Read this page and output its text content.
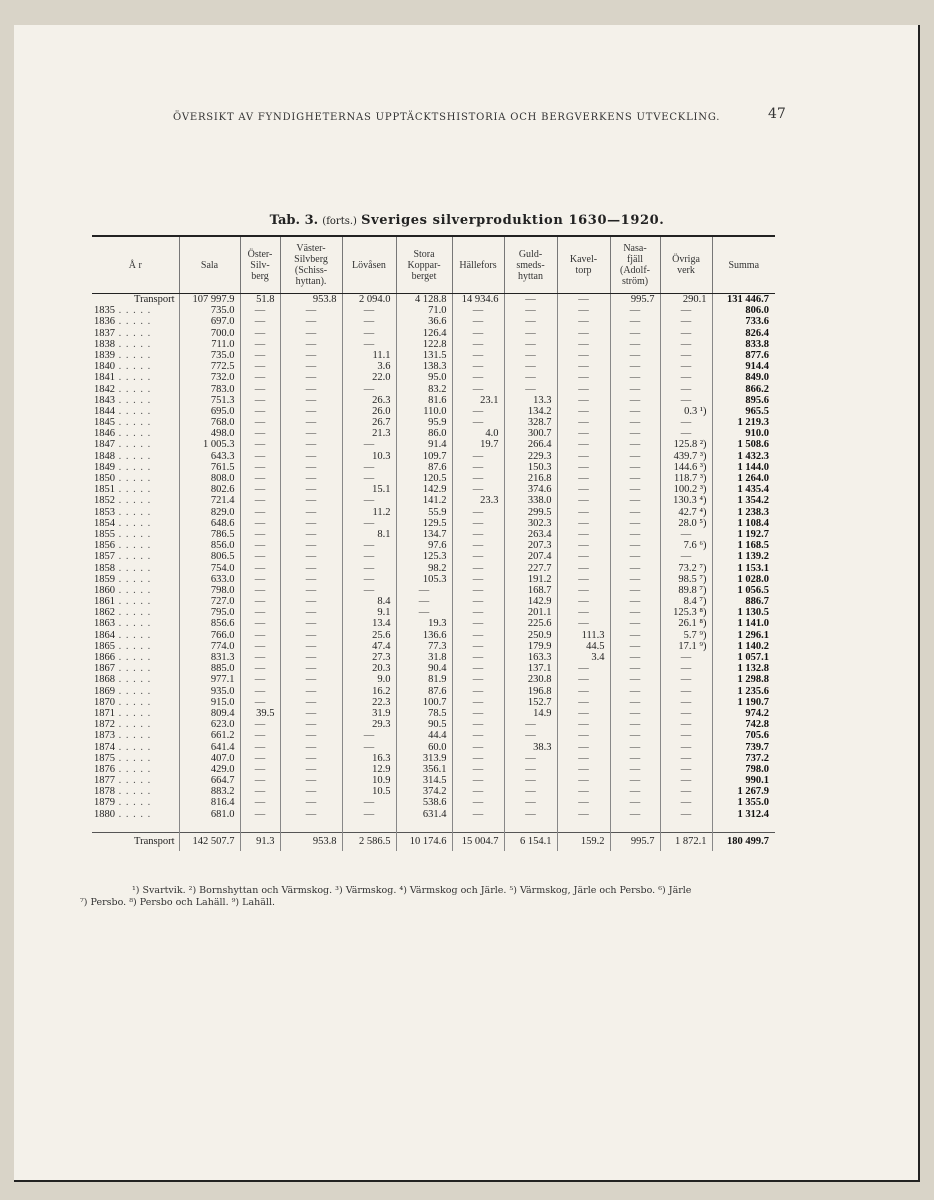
ÖVERSIKT AV FYNDIGHETERNAS UPPTÄCKTSHISTORIA OCH BERGVERKENS UTVECKLING.	47
Tab. 3. (forts.) Sveriges silverproduktion 1630—1920.
Å r	Sala	Öster-
Silv-
berg	Väster-
Silvberg
(Schiss-
hyttan).	Lövåsen	Stora
Koppar-
berget	Hällefors	Guld-
smeds-
hyttan	Kavel-
torp	Nasa-
fjäll
(Adolf-
ström)	Övriga
verk	Summa
Transport	107 997.9	51.8	953.8	2 094.0	4 128.8	14 934.6	—	—	995.7	290.1	131 446.7
1835 . . . . .	735.0	—	—	—	71.0	—	—	—	—	—	806.0
1836 . . . . .	697.0	—	—	—	36.6	—	—	—	—	—	733.6
1837 . . . . .	700.0	—	—	—	126.4	—	—	—	—	—	826.4
1838 . . . . .	711.0	—	—	—	122.8	—	—	—	—	—	833.8
1839 . . . . .	735.0	—	—	11.1	131.5	—	—	—	—	—	877.6
1840 . . . . .	772.5	—	—	3.6	138.3	—	—	—	—	—	914.4
1841 . . . . .	732.0	—	—	22.0	95.0	—	—	—	—	—	849.0
1842 . . . . .	783.0	—	—	—	83.2	—	—	—	—	—	866.2
1843 . . . . .	751.3	—	—	26.3	81.6	23.1	13.3	—	—	—	895.6
1844 . . . . .	695.0	—	—	26.0	110.0	—	134.2	—	—	0.3 ¹)	965.5
1845 . . . . .	768.0	—	—	26.7	95.9	—	328.7	—	—	—	1 219.3
1846 . . . . .	498.0	—	—	21.3	86.0	4.0	300.7	—	—	—	910.0
1847 . . . . .	1 005.3	—	—	—	91.4	19.7	266.4	—	—	125.8 ²)	1 508.6
1848 . . . . .	643.3	—	—	10.3	109.7	—	229.3	—	—	439.7 ³)	1 432.3
1849 . . . . .	761.5	—	—	—	87.6	—	150.3	—	—	144.6 ³)	1 144.0
1850 . . . . .	808.0	—	—	—	120.5	—	216.8	—	—	118.7 ³)	1 264.0
1851 . . . . .	802.6	—	—	15.1	142.9	—	374.6	—	—	100.2 ³)	1 435.4
1852 . . . . .	721.4	—	—	—	141.2	23.3	338.0	—	—	130.3 ⁴)	1 354.2
1853 . . . . .	829.0	—	—	11.2	55.9	—	299.5	—	—	42.7 ⁴)	1 238.3
1854 . . . . .	648.6	—	—	—	129.5	—	302.3	—	—	28.0 ⁵)	1 108.4
1855 . . . . .	786.5	—	—	8.1	134.7	—	263.4	—	—	—	1 192.7
1856 . . . . .	856.0	—	—	—	97.6	—	207.3	—	—	7.6 ⁶)	1 168.5
1857 . . . . .	806.5	—	—	—	125.3	—	207.4	—	—	—	1 139.2
1858 . . . . .	754.0	—	—	—	98.2	—	227.7	—	—	73.2 ⁷)	1 153.1
1859 . . . . .	633.0	—	—	—	105.3	—	191.2	—	—	98.5 ⁷)	1 028.0
1860 . . . . .	798.0	—	—	—	—	—	168.7	—	—	89.8 ⁷)	1 056.5
1861 . . . . .	727.0	—	—	8.4	—	—	142.9	—	—	8.4 ⁷)	886.7
1862 . . . . .	795.0	—	—	9.1	—	—	201.1	—	—	125.3 ⁸)	1 130.5
1863 . . . . .	856.6	—	—	13.4	19.3	—	225.6	—	—	26.1 ⁸)	1 141.0
1864 . . . . .	766.0	—	—	25.6	136.6	—	250.9	111.3	—	5.7 ⁹)	1 296.1
1865 . . . . .	774.0	—	—	47.4	77.3	—	179.9	44.5	—	17.1 ⁹)	1 140.2
1866 . . . . .	831.3	—	—	27.3	31.8	—	163.3	3.4	—	—	1 057.1
1867 . . . . .	885.0	—	—	20.3	90.4	—	137.1	—	—	—	1 132.8
1868 . . . . .	977.1	—	—	9.0	81.9	—	230.8	—	—	—	1 298.8
1869 . . . . .	935.0	—	—	16.2	87.6	—	196.8	—	—	—	1 235.6
1870 . . . . .	915.0	—	—	22.3	100.7	—	152.7	—	—	—	1 190.7
1871 . . . . .	809.4	39.5	—	31.9	78.5	—	14.9	—	—	—	974.2
1872 . . . . .	623.0	—	—	29.3	90.5	—	—	—	—	—	742.8
1873 . . . . .	661.2	—	—	—	44.4	—	—	—	—	—	705.6
1874 . . . . .	641.4	—	—	—	60.0	—	38.3	—	—	—	739.7
1875 . . . . .	407.0	—	—	16.3	313.9	—	—	—	—	—	737.2
1876 . . . . .	429.0	—	—	12.9	356.1	—	—	—	—	—	798.0
1877 . . . . .	664.7	—	—	10.9	314.5	—	—	—	—	—	990.1
1878 . . . . .	883.2	—	—	10.5	374.2	—	—	—	—	—	1 267.9
1879 . . . . .	816.4	—	—	—	538.6	—	—	—	—	—	1 355.0
1880 . . . . .	681.0	—	—	—	631.4	—	—	—	—	—	1 312.4

Transport	142 507.7	91.3	953.8	2 586.5	10 174.6	15 004.7	6 154.1	159.2	995.7	1 872.1	180 499.7
¹) Svartvik. ²) Bornshyttan och Värmskog. ³) Värmskog. ⁴) Värmskog och Järle. ⁵) Värmskog, Järle och Persbo. ⁶) Järle
⁷) Persbo. ⁸) Persbo och Lahäll. ⁹) Lahäll.
